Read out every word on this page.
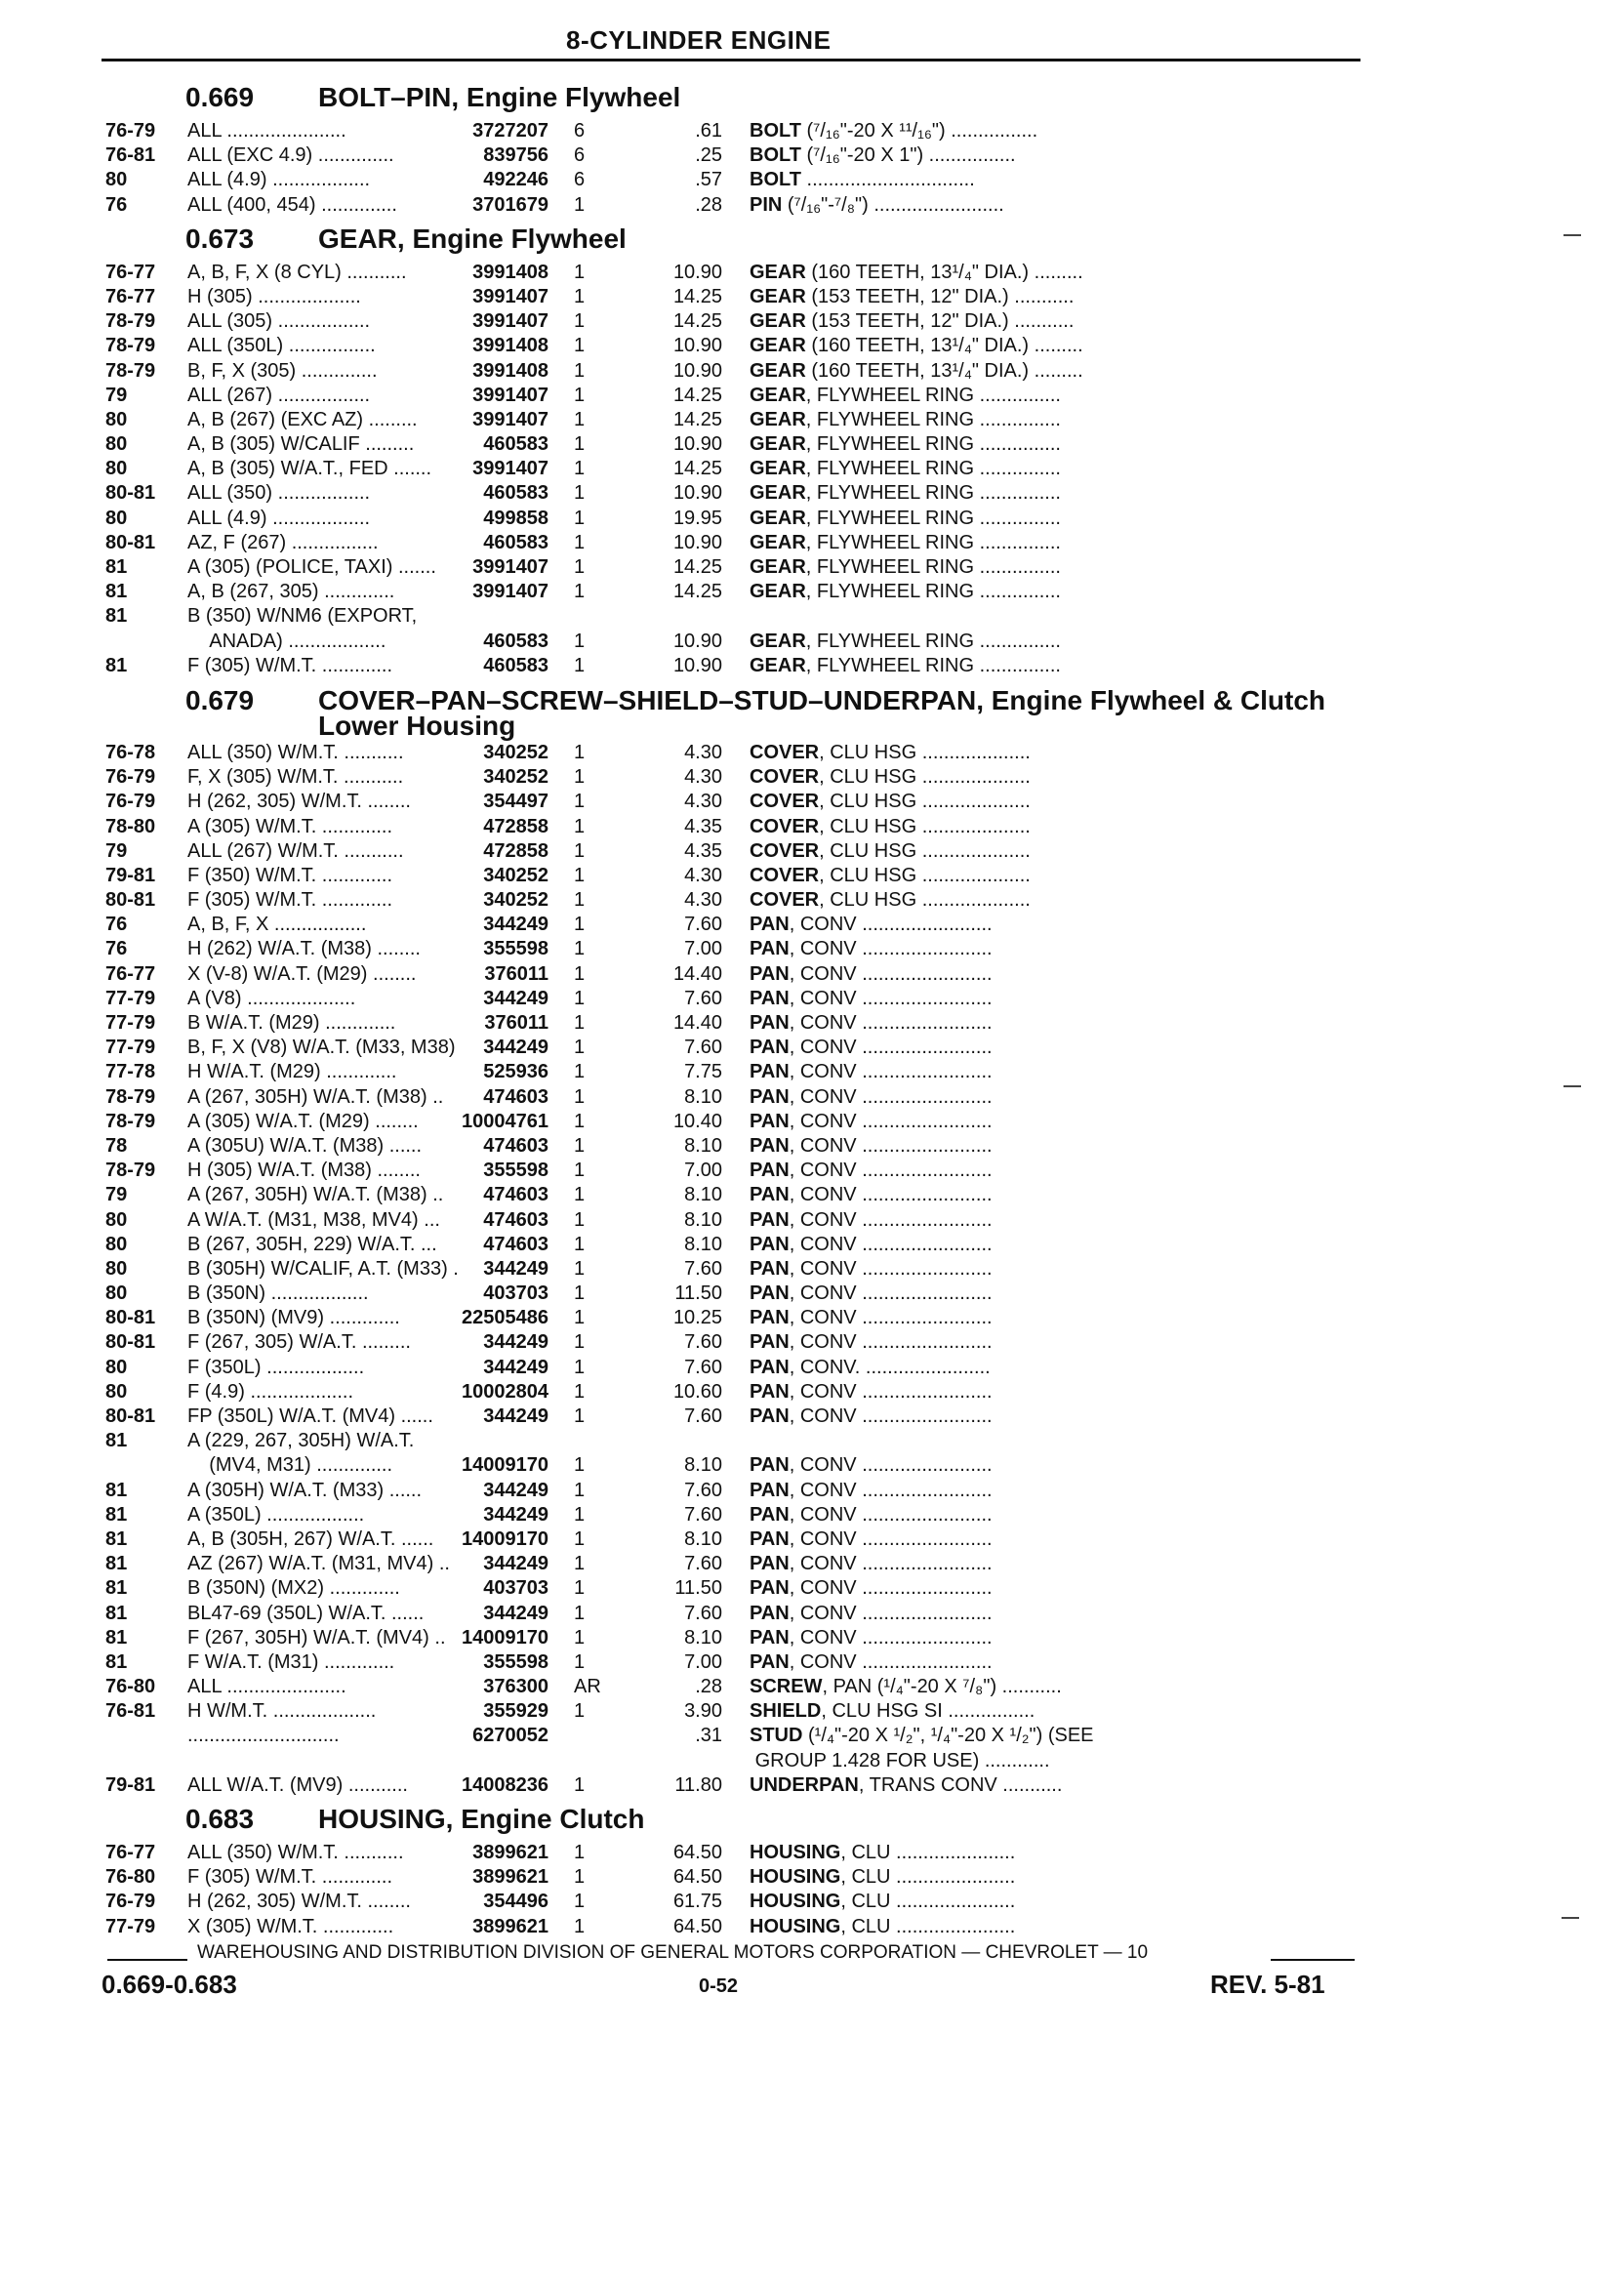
8-CYLINDER ENGINE
0.669 BOLT–PIN, Engine Flywheel
76-79 ALL ......................	3727207 6	.61 BOLT (⁷/₁₆"-20 X ¹¹/₁₆") ................
76-81 ALL (EXC 4.9) ..............	839756 6	.25 BOLT (⁷/₁₆"-20 X 1") ................
80	ALL (4.9) ..................	492246 6	.57 BOLT ...............................
76	ALL (400, 454) ..............	3701679 1	.28 PIN (⁷/₁₆"-⁷/₈") ........................
0.673 GEAR, Engine Flywheel
76-77 A, B, F, X (8 CYL) ...........	3991408 1	10.90 GEAR (160 TEETH, 13¹/₄" DIA.) .........
76-77 H (305) ...................	3991407 1	14.25 GEAR (153 TEETH, 12" DIA.) ...........
78-79 ALL (305) .................	3991407 1	14.25 GEAR (153 TEETH, 12" DIA.) ...........
78-79 ALL (350L) ................	3991408 1	10.90 GEAR (160 TEETH, 13¹/₄" DIA.) .........
78-79 B, F, X (305) ..............	3991408 1	10.90 GEAR (160 TEETH, 13¹/₄" DIA.) .........
79	ALL (267) .................	3991407 1	14.25 GEAR, FLYWHEEL RING ...............
80	A, B (267) (EXC AZ) .........	3991407 1	14.25 GEAR, FLYWHEEL RING ...............
80	A, B (305) W/CALIF .........	460583 1	10.90 GEAR, FLYWHEEL RING ...............
80	A, B (305) W/A.T., FED .......	3991407 1	14.25 GEAR, FLYWHEEL RING ...............
80-81 ALL (350) .................	460583 1	10.90 GEAR, FLYWHEEL RING ...............
80	ALL (4.9) ..................	499858 1	19.95 GEAR, FLYWHEEL RING ...............
80-81 AZ, F (267) ................	460583 1	10.90 GEAR, FLYWHEEL RING ...............
81	A (305) (POLICE, TAXI) .......	3991407 1	14.25 GEAR, FLYWHEEL RING ...............
81	A, B (267, 305) .............	3991407 1	14.25 GEAR, FLYWHEEL RING ...............
81	B (350) W/NM6 (EXPORT,
ANADA) ..................	460583 1	10.90 GEAR, FLYWHEEL RING ...............
81	F (305) W/M.T. .............	460583 1	10.90 GEAR, FLYWHEEL RING ...............
0.679 COVER–PAN–SCREW–SHIELD–STUD–UNDERPAN, Engine Flywheel & Clutch Lower Housing
76-78 ALL (350) W/M.T. ...........	340252 1	4.30 COVER, CLU HSG ....................
76-79 F, X (305) W/M.T. ...........	340252 1	4.30 COVER, CLU HSG ....................
76-79 H (262, 305) W/M.T. ........	354497 1	4.30 COVER, CLU HSG ....................
78-80 A (305) W/M.T. .............	472858 1	4.35 COVER, CLU HSG ....................
79	ALL (267) W/M.T. ...........	472858 1	4.35 COVER, CLU HSG ....................
79-81 F (350) W/M.T. .............	340252 1	4.30 COVER, CLU HSG ....................
80-81 F (305) W/M.T. .............	340252 1	4.30 COVER, CLU HSG ....................
76	A, B, F, X .................	344249 1	7.60 PAN, CONV ........................
76	H (262) W/A.T. (M38) ........	355598 1	7.00 PAN, CONV ........................
76-77 X (V-8) W/A.T. (M29) ........	376011 1	14.40 PAN, CONV ........................
77-79 A (V8) ....................	344249 1	7.60 PAN, CONV ........................
77-79 B W/A.T. (M29) .............	376011 1	14.40 PAN, CONV ........................
77-79 B, F, X (V8) W/A.T. (M33, M38)	344249 1	7.60 PAN, CONV ........................
77-78 H W/A.T. (M29) .............	525936 1	7.75 PAN, CONV ........................
78-79 A (267, 305H) W/A.T. (M38) ..	474603 1	8.10 PAN, CONV ........................
78-79 A (305) W/A.T. (M29) ........	10004761 1	10.40 PAN, CONV ........................
78	A (305U) W/A.T. (M38) ......	474603 1	8.10 PAN, CONV ........................
78-79 H (305) W/A.T. (M38) ........	355598 1	7.00 PAN, CONV ........................
79	A (267, 305H) W/A.T. (M38) ..	474603 1	8.10 PAN, CONV ........................
80	A W/A.T. (M31, M38, MV4) ...	474603 1	8.10 PAN, CONV ........................
80	B (267, 305H, 229) W/A.T. ...	474603 1	8.10 PAN, CONV ........................
80	B (305H) W/CALIF, A.T. (M33) .	344249 1	7.60 PAN, CONV ........................
80	B (350N) ..................	403703 1	11.50 PAN, CONV ........................
80-81 B (350N) (MV9) .............	22505486 1	10.25 PAN, CONV ........................
80-81 F (267, 305) W/A.T. .........	344249 1	7.60 PAN, CONV ........................
80	F (350L) ..................	344249 1	7.60 PAN, CONV. .......................
80	F (4.9) ...................	10002804 1	10.60 PAN, CONV ........................
80-81 FP (350L) W/A.T. (MV4) ......	344249 1	7.60 PAN, CONV ........................
81	A (229, 267, 305H) W/A.T.
(MV4, M31) ..............	14009170 1	8.10 PAN, CONV ........................
81	A (305H) W/A.T. (M33) ......	344249 1	7.60 PAN, CONV ........................
81	A (350L) ..................	344249 1	7.60 PAN, CONV ........................
81	A, B (305H, 267) W/A.T. ......	14009170 1	8.10 PAN, CONV ........................
81	AZ (267) W/A.T. (M31, MV4) ..	344249 1	7.60 PAN, CONV ........................
81	B (350N) (MX2) .............	403703 1	11.50 PAN, CONV ........................
81	BL47-69 (350L) W/A.T. ......	344249 1	7.60 PAN, CONV ........................
81	F (267, 305H) W/A.T. (MV4) .. 14009170 1	8.10 PAN, CONV ........................
81	F W/A.T. (M31) .............	355598 1	7.00 PAN, CONV ........................
76-80 ALL ......................	376300 AR	.28 SCREW, PAN (¹/₄"-20 X ⁷/₈") ...........
76-81 H W/M.T. ...................	355929 1	3.90 SHIELD, CLU HSG SI ................
............................	6270052	.31 STUD (¹/₄"-20 X ¹/₂", ¹/₄"-20 X ¹/₂") (SEE
GROUP 1.428 FOR USE) ............
79-81 ALL W/A.T. (MV9) ...........	14008236 1	11.80 UNDERPAN, TRANS CONV ...........
0.683 HOUSING, Engine Clutch
76-77 ALL (350) W/M.T. ...........	3899621 1	64.50 HOUSING, CLU ......................
76-80 F (305) W/M.T. .............	3899621 1	64.50 HOUSING, CLU ......................
76-79 H (262, 305) W/M.T. ........	354496 1	61.75 HOUSING, CLU ......................
77-79 X (305) W/M.T. .............	3899621 1	64.50 HOUSING, CLU ......................
WAREHOUSING AND DISTRIBUTION DIVISION OF GENERAL MOTORS CORPORATION — CHEVROLET — 10
0.669-0.683	0-52	REV. 5-81
